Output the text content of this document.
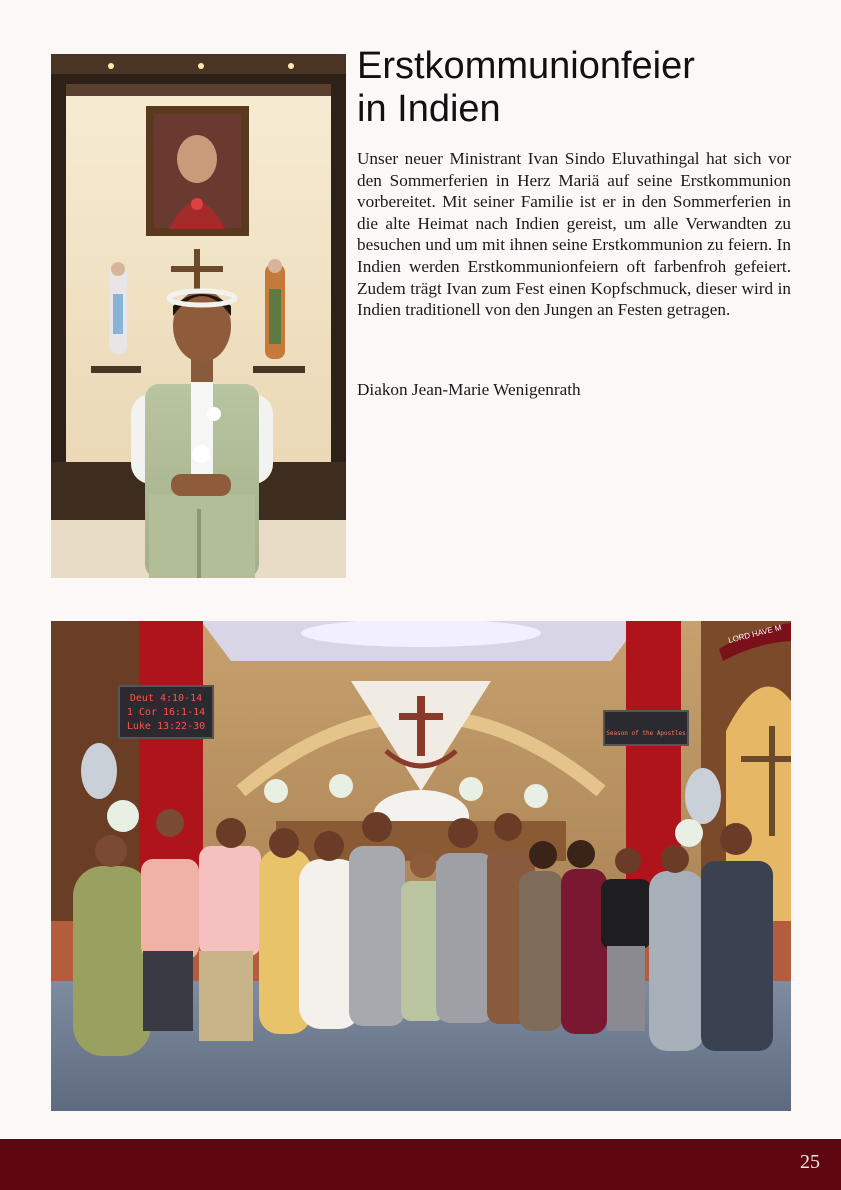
Erstkommunionfeier
in Indien

Unser neuer Ministrant Ivan Sindo Eluvathingal hat sich vor den Sommerferien in Herz Mariä auf seine Erstkommunion vorbereitet. Mit seiner Familie ist er in den Sommerferien in die alte Heimat nach Indien gereist, um alle Verwandten zu besuchen und um mit ihnen seine Erstkommunion zu feiern. In Indien werden Erstkommunionfeiern oft farbenfroh gefeiert. Zudem trägt Ivan zum Fest einen Kopfschmuck, dieser wird in Indien traditionell von den Jungen an Festen getragen.

Diakon Jean-Marie Wenigenrath

LORD HAVE M
Deut 4:10-14
1 Cor 16:1-14
Luke 13:22-30
Season of the Apostles
25
